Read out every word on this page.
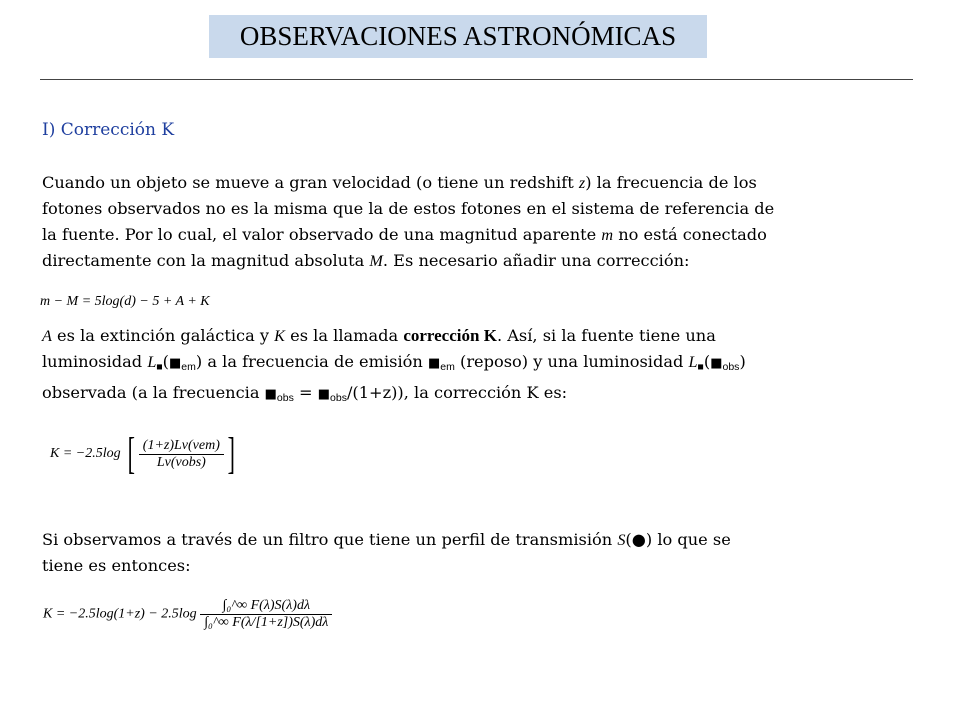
OBSERVACIONES ASTRONÓMICAS
I) Corrección K
Cuando un objeto se mueve a gran velocidad (o tiene un redshift z) la frecuencia de los
fotones observados no es la misma que la de estos fotones en el sistema de referencia de
la fuente. Por lo cual, el valor observado de una magnitud aparente m no está conectado
directamente con la magnitud absoluta M. Es necesario añadir una corrección:
m − M = 5log(d) − 5 + A + K
A es la extinción galáctica y K es la llamada corrección K. Así, si la fuente tiene una
luminosidad $L_■(■_{em})$ a la frecuencia de emisión $■_{em}$ (reposo) y una luminosidad $L_■(■_{obs})$
observada (a la frecuencia $■_{obs}$ = $■_{obs}/(1+z)$), la corrección K es:
K = −2.5log [ $\frac{\text{(1+z)Lν(νem)}}{\text{Lν(νobs)}}$ ]
Si observamos a través de un filtro que tiene un perfil de transmisión S(●) lo que se
tiene es entonces:
$K = -2.5\log(1+z) - 2.5\log \frac{\text{∫₀\textasciicircum{}∞ F(λ)S(λ)dλ}}{\text{∫₀\textasciicircum{}∞ F(λ/[1+z])S(λ)dλ}}$
